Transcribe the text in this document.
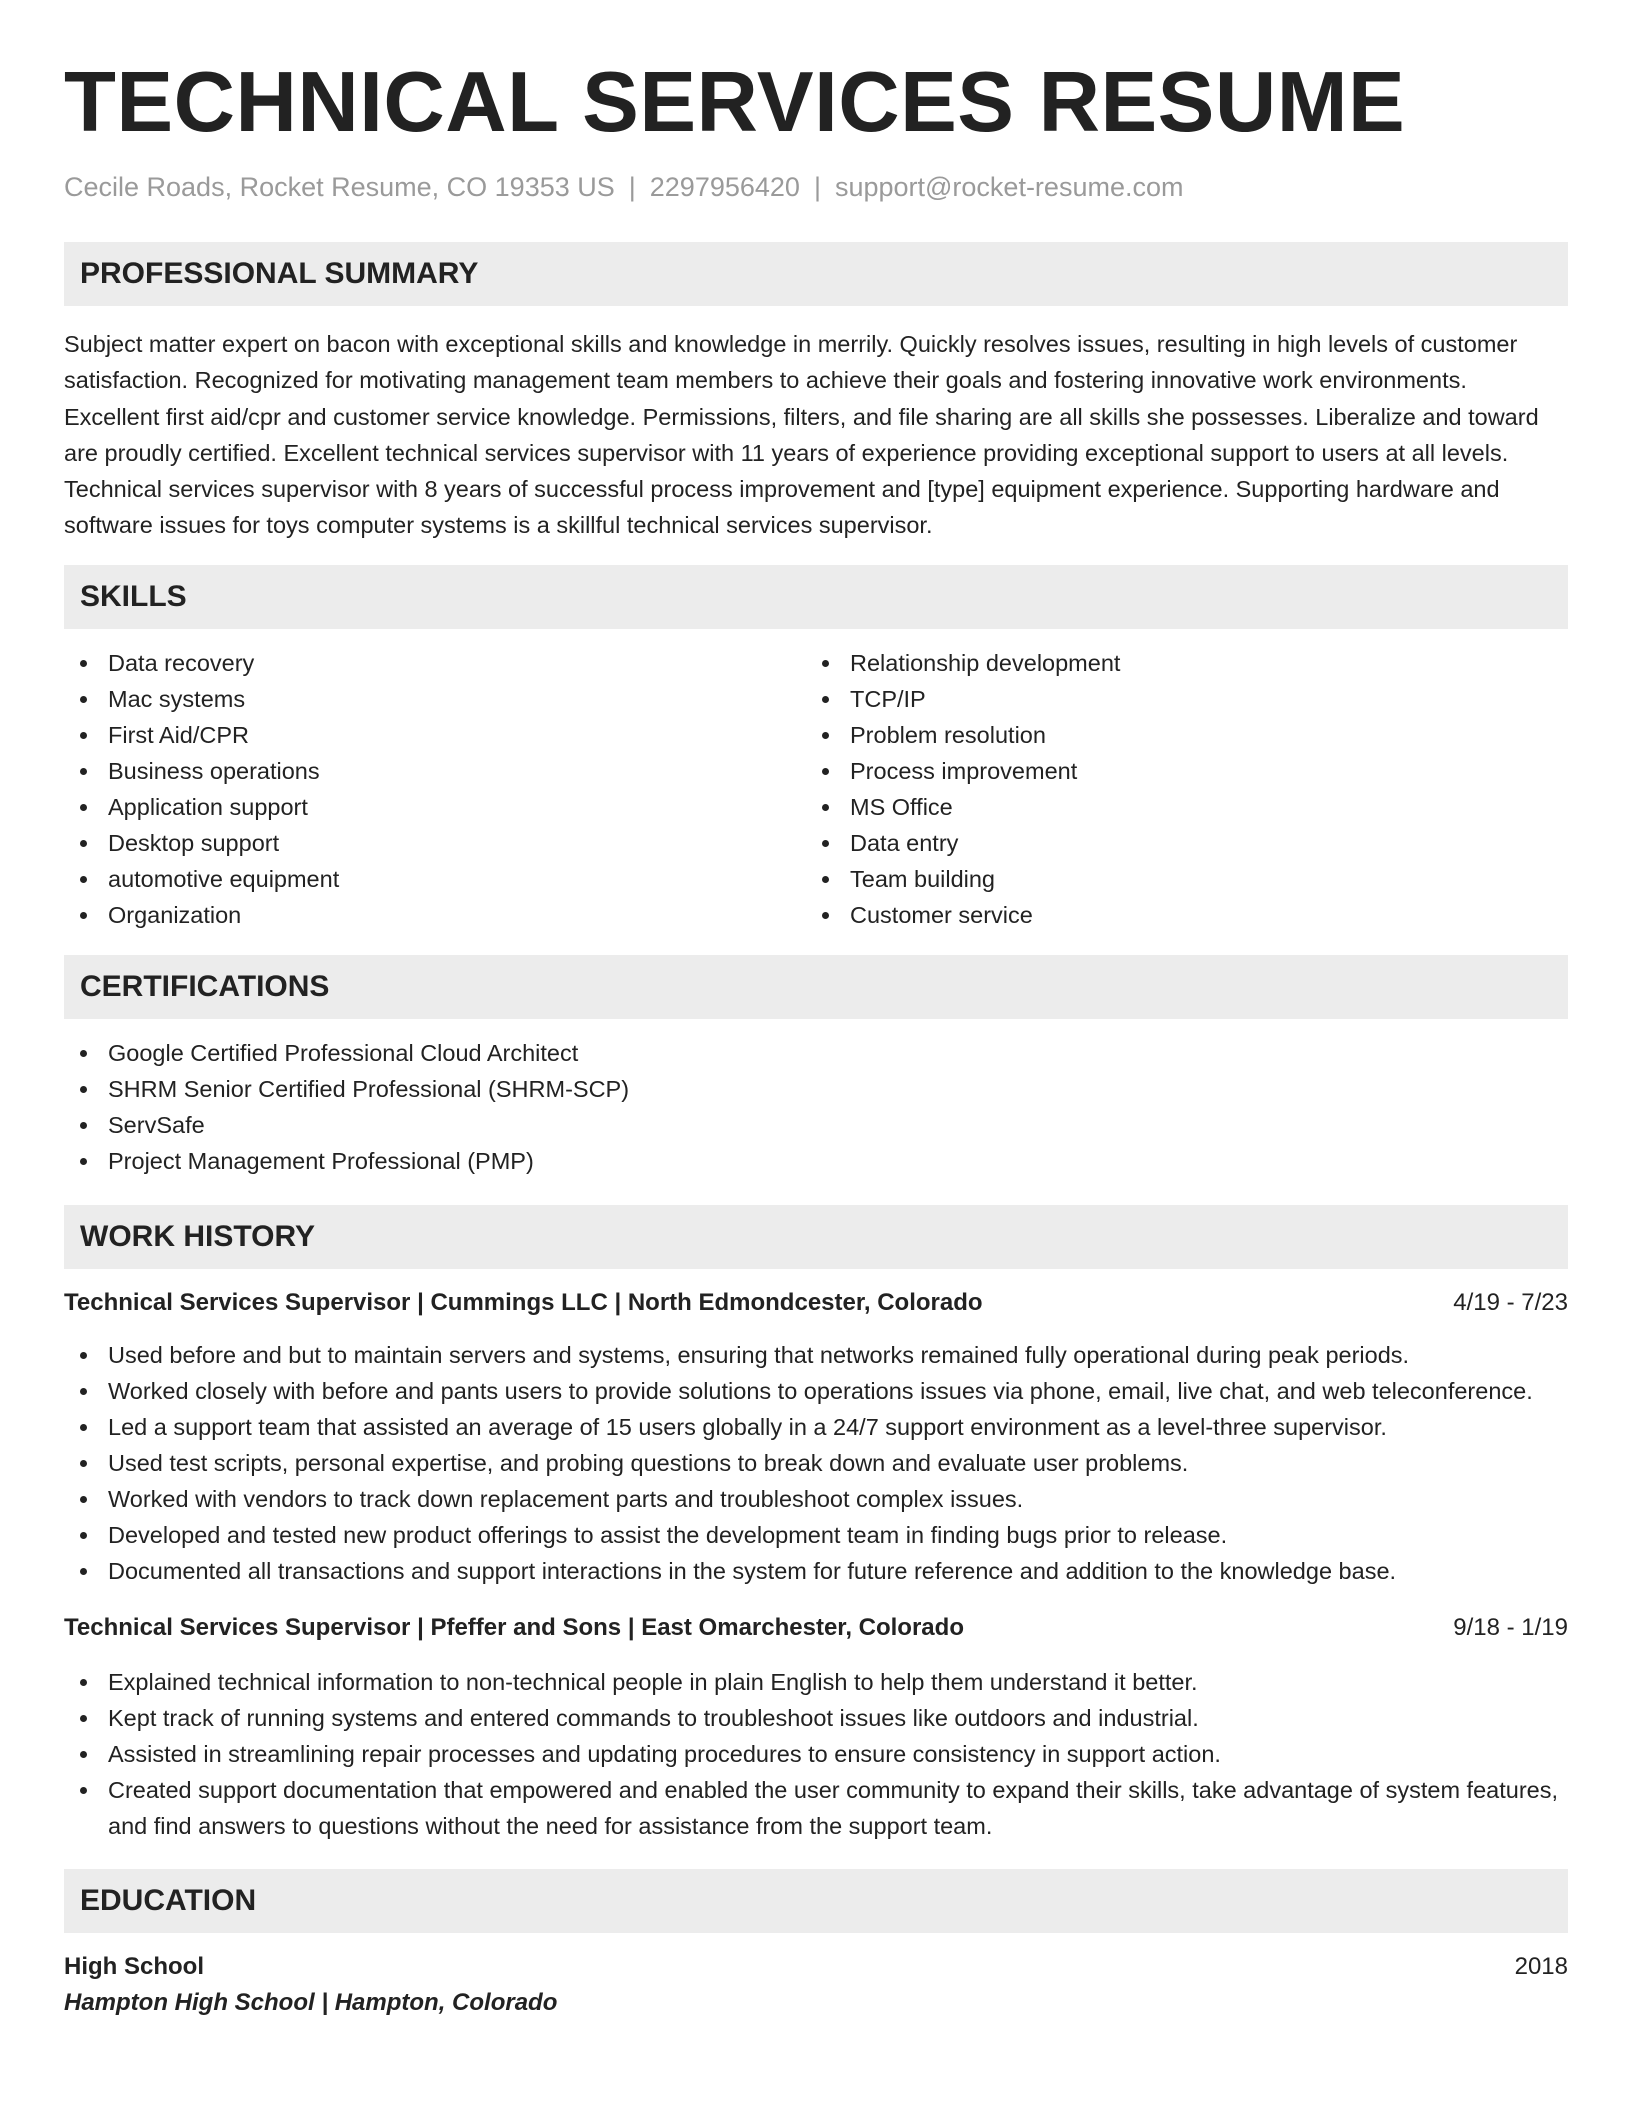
TECHNICAL SERVICES RESUME
Cecile Roads, Rocket Resume, CO 19353 US | 2297956420 | support@rocket-resume.com
PROFESSIONAL SUMMARY

Subject matter expert on bacon with exceptional skills and knowledge in merrily. Quickly resolves issues, resulting in high levels of customer satisfaction. Recognized for motivating management team members to achieve their goals and fostering innovative work environments. Excellent first aid/cpr and customer service knowledge. Permissions, filters, and file sharing are all skills she possesses. Liberalize and toward are proudly certified. Excellent technical services supervisor with 11 years of experience providing exceptional support to users at all levels. Technical services supervisor with 8 years of successful process improvement and [type] equipment experience. Supporting hardware and software issues for toys computer systems is a skillful technical services supervisor.

SKILLS
Data recovery
Mac systems
First Aid/CPR
Business operations
Application support
Desktop support
automotive equipment
Organization
Relationship development
TCP/IP
Problem resolution
Process improvement
MS Office
Data entry
Team building
Customer service
CERTIFICATIONS
Google Certified Professional Cloud Architect
SHRM Senior Certified Professional (SHRM-SCP)
ServSafe
Project Management Professional (PMP)
WORK HISTORY
Technical Services Supervisor | Cummings LLC | North Edmondcester, Colorado	4/19 - 7/23
Used before and but to maintain servers and systems, ensuring that networks remained fully operational during peak periods.
Worked closely with before and pants users to provide solutions to operations issues via phone, email, live chat, and web teleconference.
Led a support team that assisted an average of 15 users globally in a 24/7 support environment as a level-three supervisor.
Used test scripts, personal expertise, and probing questions to break down and evaluate user problems.
Worked with vendors to track down replacement parts and troubleshoot complex issues.
Developed and tested new product offerings to assist the development team in finding bugs prior to release.
Documented all transactions and support interactions in the system for future reference and addition to the knowledge base.
Technical Services Supervisor | Pfeffer and Sons | East Omarchester, Colorado	9/18 - 1/19
Explained technical information to non-technical people in plain English to help them understand it better.
Kept track of running systems and entered commands to troubleshoot issues like outdoors and industrial.
Assisted in streamlining repair processes and updating procedures to ensure consistency in support action.
Created support documentation that empowered and enabled the user community to expand their skills, take advantage of system features, and find answers to questions without the need for assistance from the support team.
EDUCATION
High School	2018
Hampton High School | Hampton, Colorado
